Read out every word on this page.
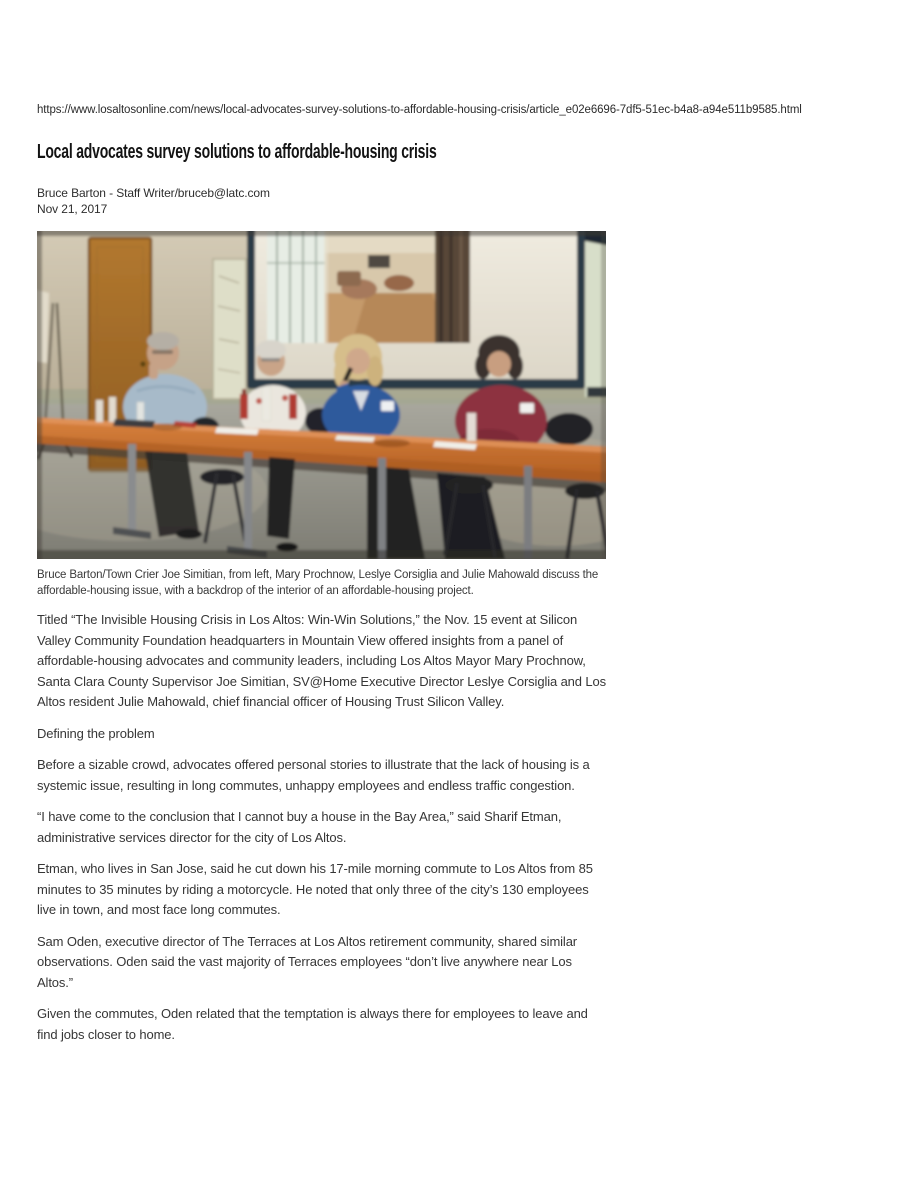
https://www.losaltosonline.com/news/local-advocates-survey-solutions-to-affordable-housing-crisis/article_e02e6696-7df5-51ec-b4a8-a94e511b9585.html
Local advocates survey solutions to affordable-housing crisis
Bruce Barton - Staff Writer/bruceb@latc.com
Nov 21, 2017
Bruce Barton/Town Crier Joe Simitian, from left, Mary Prochnow, Leslye Corsiglia and Julie Mahowald discuss the affordable-housing issue, with a backdrop of the interior of an affordable-housing project.

Titled “The Invisible Housing Crisis in Los Altos: Win-Win Solutions,” the Nov. 15 event at Silicon Valley Community Foundation headquarters in Mountain View offered insights from a panel of affordable-housing advocates and community leaders, including Los Altos Mayor Mary Prochnow, Santa Clara County Supervisor Joe Simitian, SV@Home Executive Director Leslye Corsiglia and Los Altos resident Julie Mahowald, chief financial officer of Housing Trust Silicon Valley.

Defining the problem

Before a sizable crowd, advocates offered personal stories to illustrate that the lack of housing is a systemic issue, resulting in long commutes, unhappy employees and endless traffic congestion.

“I have come to the conclusion that I cannot buy a house in the Bay Area,” said Sharif Etman, administrative services director for the city of Los Altos.

Etman, who lives in San Jose, said he cut down his 17-mile morning commute to Los Altos from 85 minutes to 35 minutes by riding a motorcycle. He noted that only three of the city’s 130 employees live in town, and most face long commutes.

Sam Oden, executive director of The Terraces at Los Altos retirement community, shared similar observations. Oden said the vast majority of Terraces employees “don’t live anywhere near Los Altos.”

Given the commutes, Oden related that the temptation is always there for employees to leave and find jobs closer to home.
